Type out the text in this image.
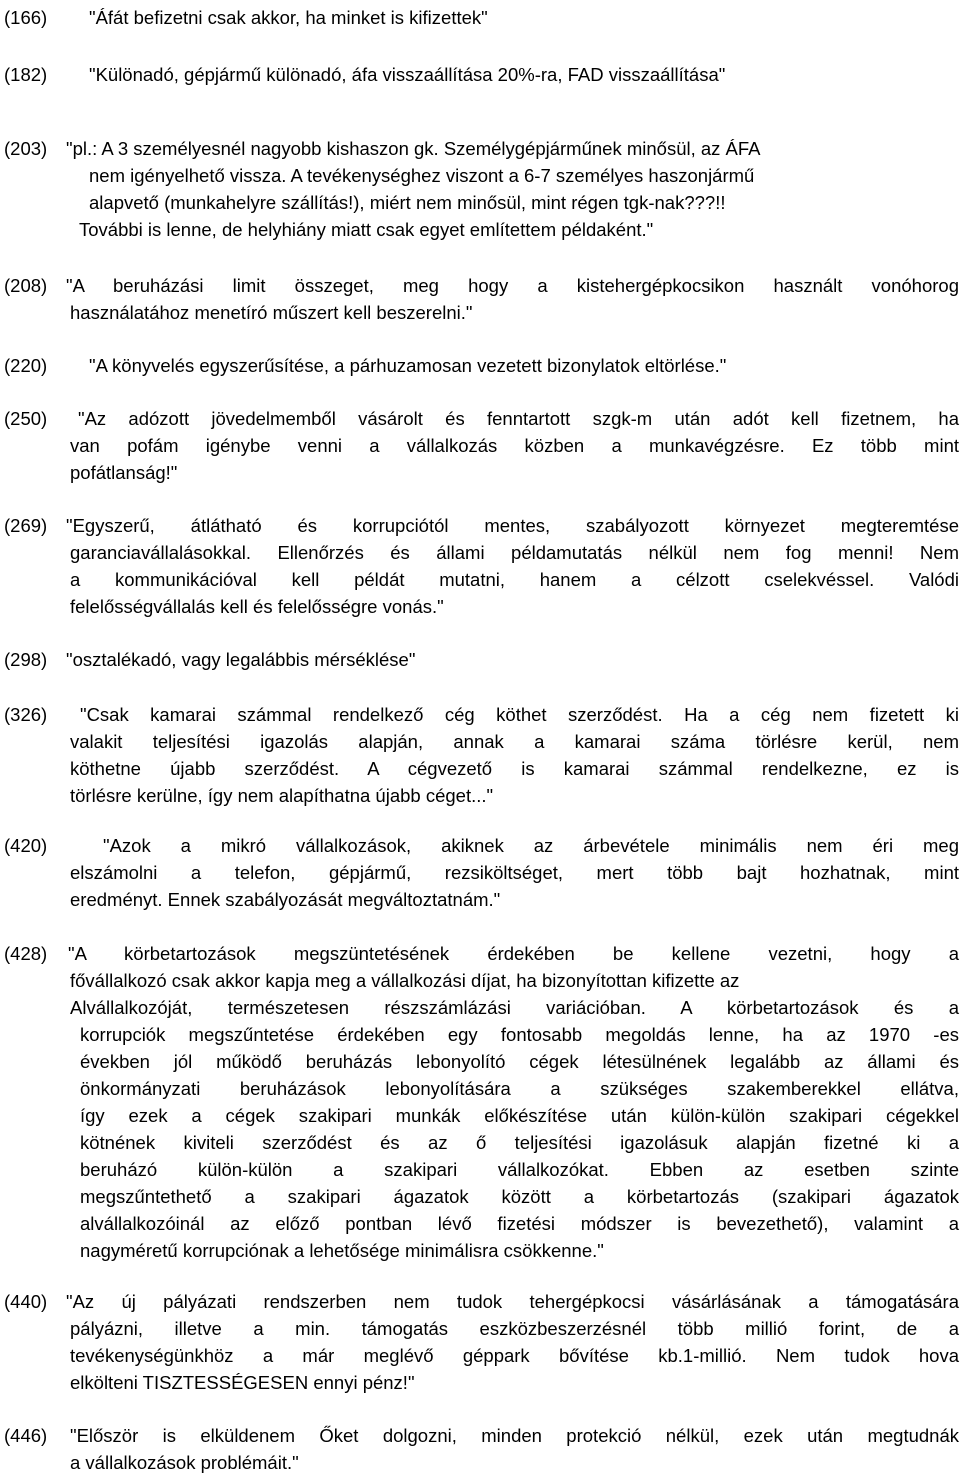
(166) "Áfát befizetni csak akkor, ha minket is kifizettek"
(182) "Különadó, gépjármű különadó, áfa visszaállítása 20%-ra, FAD visszaállítása"
(203) "pl.: A 3 személyesnél nagyobb kishaszon gk. Személygépjárműnek minősül, az ÁFA
nem igényelhető vissza. A tevékenységhez viszont a 6-7 személyes haszonjármű
alapvető (munkahelyre szállítás!), miért nem minősül, mint régen tgk-nak???!!
További is lenne, de helyhiány miatt csak egyet említettem példaként."
(208) "A beruházási limit összeget, meg hogy a kistehergépkocsikon használt vonóhorog
használatához menetíró műszert kell beszerelni."
(220) "A könyvelés egyszerűsítése, a párhuzamosan vezetett bizonylatok eltörlése."
(250) "Az adózott jövedelmemből vásárolt és fenntartott szgk-m után adót kell fizetnem, ha
van pofám igénybe venni a vállalkozás közben a munkavégzésre. Ez több mint
pofátlanság!"
(269) "Egyszerű, átlátható és korrupciótól mentes, szabályozott környezet megteremtése
garanciavállalásokkal. Ellenőrzés és állami példamutatás nélkül nem fog menni! Nem
a kommunikációval kell példát mutatni, hanem a célzott cselekvéssel. Valódi
felelősségvállalás kell és felelősségre vonás."
(298) "osztalékadó, vagy legalábbis mérséklése"
(326) "Csak kamarai számmal rendelkező cég köthet szerződést. Ha a cég nem fizetett ki
valakit teljesítési igazolás alapján, annak a kamarai száma törlésre kerül, nem
köthetne újabb szerződést. A cégvezető is kamarai számmal rendelkezne, ez is
törlésre kerülne, így nem alapíthatna újabb céget..."
(420)	"Azok a mikró vállalkozások, akiknek az árbevétele minimális nem éri meg
elszámolni a telefon, gépjármű, rezsiköltséget, mert több bajt hozhatnak, mint
eredményt. Ennek szabályozását megváltoztatnám."
(428) "A körbetartozások megszüntetésének érdekében be kellene vezetni, hogy a
fővállalkozó csak akkor kapja meg a vállalkozási díjat, ha bizonyítottan kifizette az
Alvállalkozóját, természetesen részszámlázási variációban. A körbetartozások és a
korrupciók megszűntetése érdekében egy fontosabb megoldás lenne, ha az 1970 -es
években jól működő beruházás lebonyolító cégek létesülnének legalább az állami és
önkormányzati beruházások lebonyolítására a szükséges szakemberekkel ellátva,
így ezek a cégek szakipari munkák előkészítése után külön-külön szakipari cégekkel
kötnének kiviteli szerződést és az ő teljesítési igazolásuk alapján fizetné ki a
beruházó külön-külön a szakipari vállalkozókat. Ebben az esetben szinte
megszűntethető a szakipari ágazatok között a körbetartozás (szakipari ágazatok
alvállalkozóinál az előző pontban lévő fizetési módszer is bevezethető), valamint a
nagyméretű korrupciónak a lehetősége minimálisra csökkenne."
(440) "Az új pályázati rendszerben nem tudok tehergépkocsi vásárlásának a támogatására
pályázni, illetve a min. támogatás eszközbeszerzésnél több millió forint, de a
tevékenységünkhöz a már meglévő géppark bővítése kb.1-millió. Nem tudok hova
elkölteni TISZTESSÉGESEN ennyi pénz!"
(446) "Először is elküldenem Őket dolgozni, minden protekció nélkül, ezek után megtudnák
a vállalkozások problémáit."
